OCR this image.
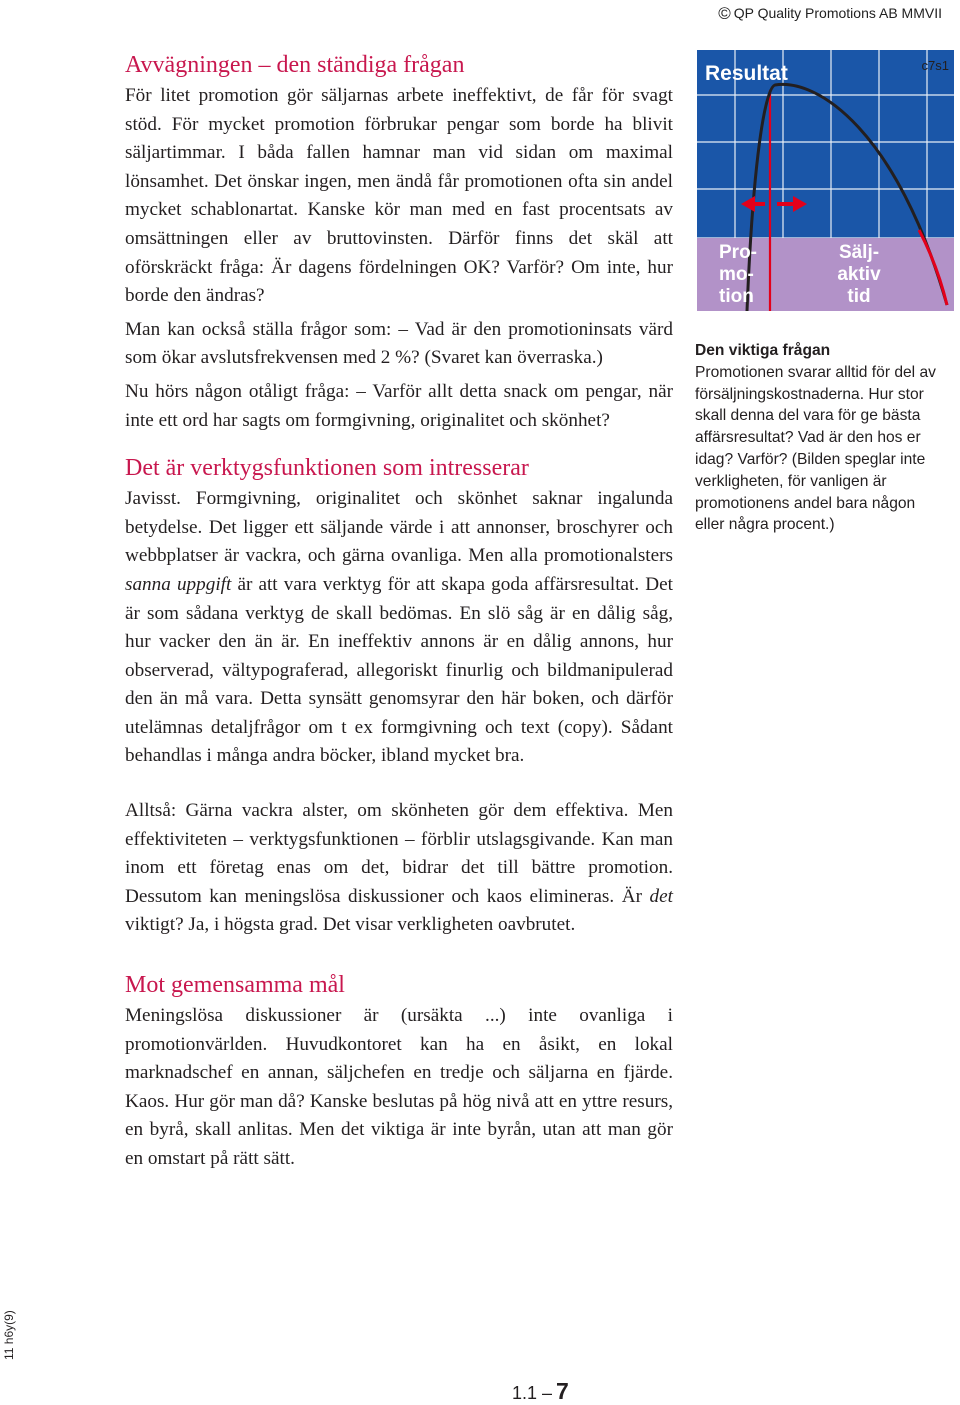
© QP Quality Promotions AB MMVII
Avvägningen – den ständiga frågan

För litet promotion gör säljarnas arbete ineffektivt, de får för svagt stöd. För mycket promotion förbrukar pengar som borde ha blivit säljartimmar. I båda fallen hamnar man vid sidan om maximal lönsamhet. Det önskar ingen, men ändå får promotionen ofta sin andel mycket schablonartat. Kanske kör man med en fast procentsats av omsättningen eller av bruttovinsten. Därför finns det skäl att oförskräckt fråga: Är dagens fördelningen OK? Varför? Om inte, hur borde den ändras?

Man kan också ställa frågor som: – Vad är den promotioninsats värd som ökar avslutsfrekvensen med 2 %? (Svaret kan överraska.)

Nu hörs någon otåligt fråga: – Varför allt detta snack om pengar, när inte ett ord har sagts om formgivning, originalitet och skönhet?

Det är verktygsfunktionen som intresserar

Javisst. Formgivning, originalitet och skönhet saknar ingalunda betydelse. Det ligger ett säljande värde i att annonser, broschyrer och webbplatser är vackra, och gärna ovanliga. Men alla promotionalsters sanna uppgift är att vara verktyg för att skapa goda affärsresultat. Det är som sådana verktyg de skall bedömas. En slö såg är en dålig såg, hur vacker den än är. En ineffektiv annons är en dålig annons, hur observerad, vältypograferad, allegoriskt finurlig och bildmanipulerad den än må vara. Detta synsätt genomsyrar den här boken, och därför utelämnas detaljfrågor om t ex formgivning och text (copy). Sådant behandlas i många andra böcker, ibland mycket bra.

Alltså: Gärna vackra alster, om skönheten gör dem effektiva. Men effektiviteten – verktygsfunktionen – förblir utslagsgivande. Kan man inom ett företag enas om det, bidrar det till bättre promotion. Dessutom kan meningslösa diskussioner och kaos elimineras. Är det viktigt? Ja, i högsta grad. Det visar verkligheten oavbrutet.

Mot gemensamma mål

Meningslösa diskussioner är (ursäkta ...) inte ovanliga i promotionvärlden. Huvudkontoret kan ha en åsikt, en lokal marknadschef en annan, säljchefen en tredje och säljarna en fjärde. Kaos. Hur gör man då? Kanske beslutas på hög nivå att en yttre resurs, en byrå, skall anlitas. Men det viktiga är inte byrån, utan att man gör en omstart på rätt sätt.

Resultat	c7s1
Pro-
mo-
tion
Sälj-
aktiv
tid

Den viktiga frågan

Promotionen svarar alltid för del av försäljningskostnaderna. Hur stor skall denna del vara för ge bästa affärsresultat? Vad är den hos er idag? Varför? (Bilden speglar inte verkligheten, för vanligen är promotionens andel bara någon eller några procent.)

1.1 – 7
11 h6y(9)
